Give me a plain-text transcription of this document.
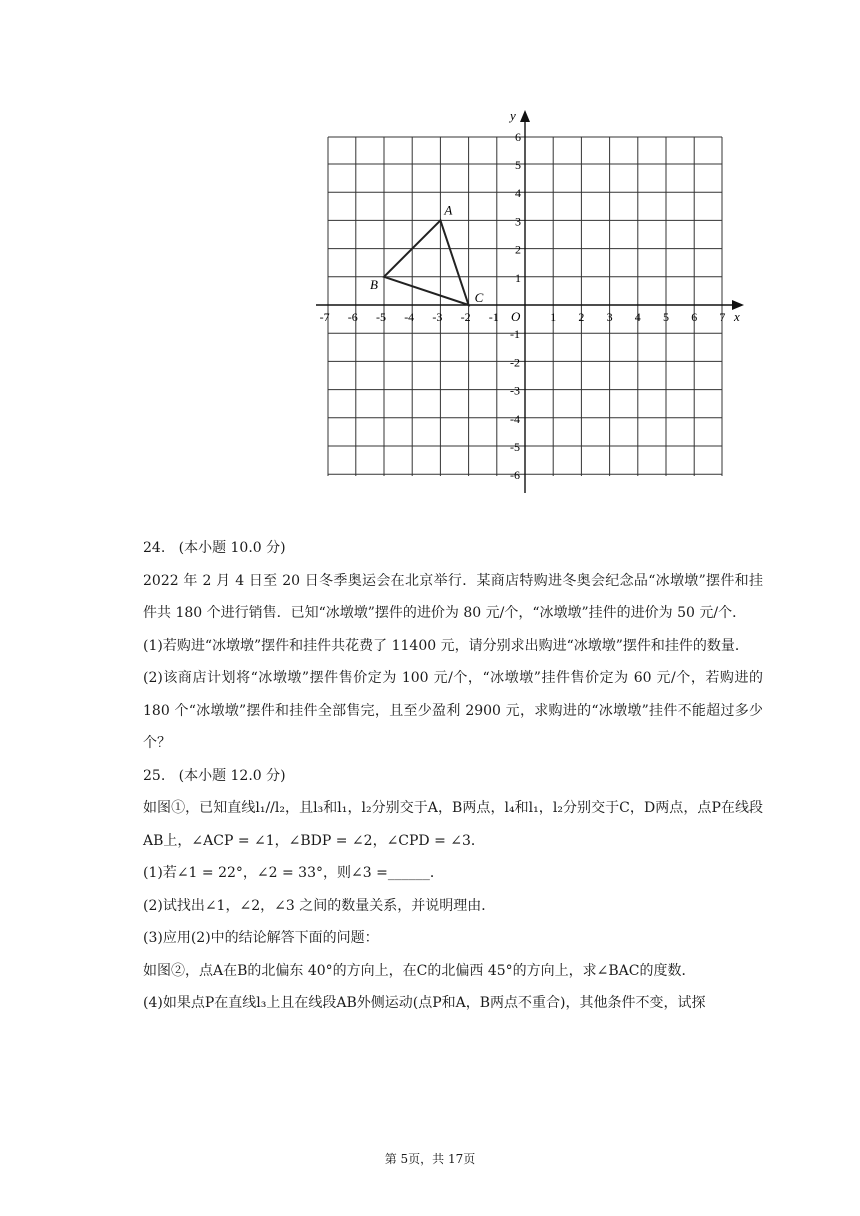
x
y
O
-7 -6 -5 -4 -3 -2 -1	1 2 3 4 5 6 7
1
2
3
4
5
6
-1
-2
-3
-4
-5
-6
A
B
C

24.   (本小题 10.0 分)

2022 年 2 月 4 日至 20 日冬季奥运会在北京举行．某商店特购进冬奥会纪念品“冰墩墩”摆件和挂件共 180 个进行销售．已知“冰墩墩”摆件的进价为 80 元/个，“冰墩墩”挂件的进价为 50 元/个．

(1)若购进“冰墩墩”摆件和挂件共花费了 11400 元，请分别求出购进“冰墩墩”摆件和挂件的数量．

(2)该商店计划将“冰墩墩”摆件售价定为 100 元/个，“冰墩墩”挂件售价定为 60 元/个，若购进的 180 个“冰墩墩”摆件和挂件全部售完，且至少盈利 2900 元，求购进的“冰墩墩”挂件不能超过多少个？

25.   (本小题 12.0 分)

如图①，已知直线l₁//l₂，且l₃和l₁，l₂分别交于A，B两点，l₄和l₁，l₂分别交于C，D两点，点P在线段AB上，∠ACP = ∠1，∠BDP = ∠2，∠CPD = ∠3．

(1)若∠1 = 22°，∠2 = 33°，则∠3 =______．

(2)试找出∠1，∠2，∠3 之间的数量关系，并说明理由．

(3)应用(2)中的结论解答下面的问题：

如图②，点A在B的北偏东 40°的方向上，在C的北偏西 45°的方向上，求∠BAC的度数．

(4)如果点P在直线l₃上且在线段AB外侧运动(点P和A，B两点不重合)，其他条件不变，试探

第 5页，共 17页
